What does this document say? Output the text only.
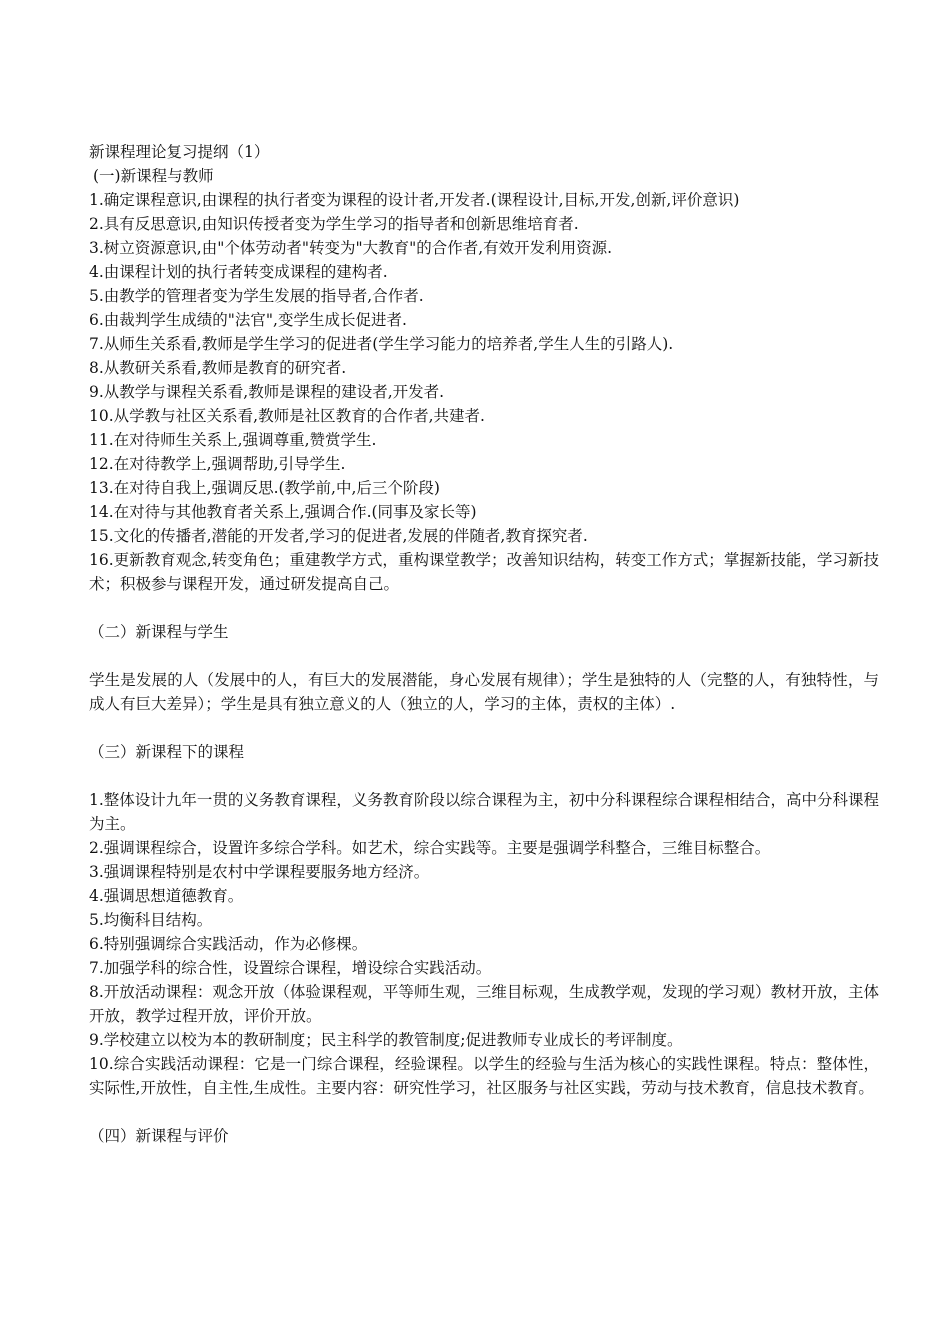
新课程理论复习提纲（1）

(一)新课程与教师

1.确定课程意识,由课程的执行者变为课程的设计者,开发者.(课程设计,目标,开发,创新,评价意识)

2.具有反思意识,由知识传授者变为学生学习的指导者和创新思维培育者.

3.树立资源意识,由"个体劳动者"转变为"大教育"的合作者,有效开发利用资源.

4.由课程计划的执行者转变成课程的建构者.

5.由教学的管理者变为学生发展的指导者,合作者.

6.由裁判学生成绩的"法官",变学生成长促进者.

7.从师生关系看,教师是学生学习的促进者(学生学习能力的培养者,学生人生的引路人).

8.从教研关系看,教师是教育的研究者.

9.从教学与课程关系看,教师是课程的建设者,开发者.

10.从学教与社区关系看,教师是社区教育的合作者,共建者.

11.在对待师生关系上,强调尊重,赞赏学生.

12.在对待教学上,强调帮助,引导学生.

13.在对待自我上,强调反思.(教学前,中,后三个阶段)

14.在对待与其他教育者关系上,强调合作.(同事及家长等)

15.文化的传播者,潜能的开发者,学习的促进者,发展的伴随者,教育探究者.

16.更新教育观念,转变角色；重建教学方式，重构课堂教学；改善知识结构，转变工作方式；掌握新技能，学习新技术；积极参与课程开发，通过研发提高自己。

（二）新课程与学生

学生是发展的人（发展中的人，有巨大的发展潜能，身心发展有规律）；学生是独特的人（完整的人，有独特性，与成人有巨大差异）；学生是具有独立意义的人（独立的人，学习的主体，责权的主体）.

（三）新课程下的课程

1.整体设计九年一贯的义务教育课程，义务教育阶段以综合课程为主，初中分科课程综合课程相结合，高中分科课程为主。

2.强调课程综合，设置许多综合学科。如艺术，综合实践等。主要是强调学科整合，三维目标整合。

3.强调课程特别是农村中学课程要服务地方经济。

4.强调思想道德教育。

5.均衡科目结构。

6.特别强调综合实践活动，作为必修棵。

7.加强学科的综合性，设置综合课程，增设综合实践活动。

8.开放活动课程：观念开放（体验课程观，平等师生观，三维目标观，生成教学观，发现的学习观）教材开放，主体开放，教学过程开放，评价开放。

9.学校建立以校为本的教研制度；民主科学的教管制度;促进教师专业成长的考评制度。

10.综合实践活动课程：它是一门综合课程，经验课程。以学生的经验与生活为核心的实践性课程。特点：整体性，实际性,开放性，自主性,生成性。主要内容：研究性学习，社区服务与社区实践，劳动与技术教育，信息技术教育。

（四）新课程与评价
